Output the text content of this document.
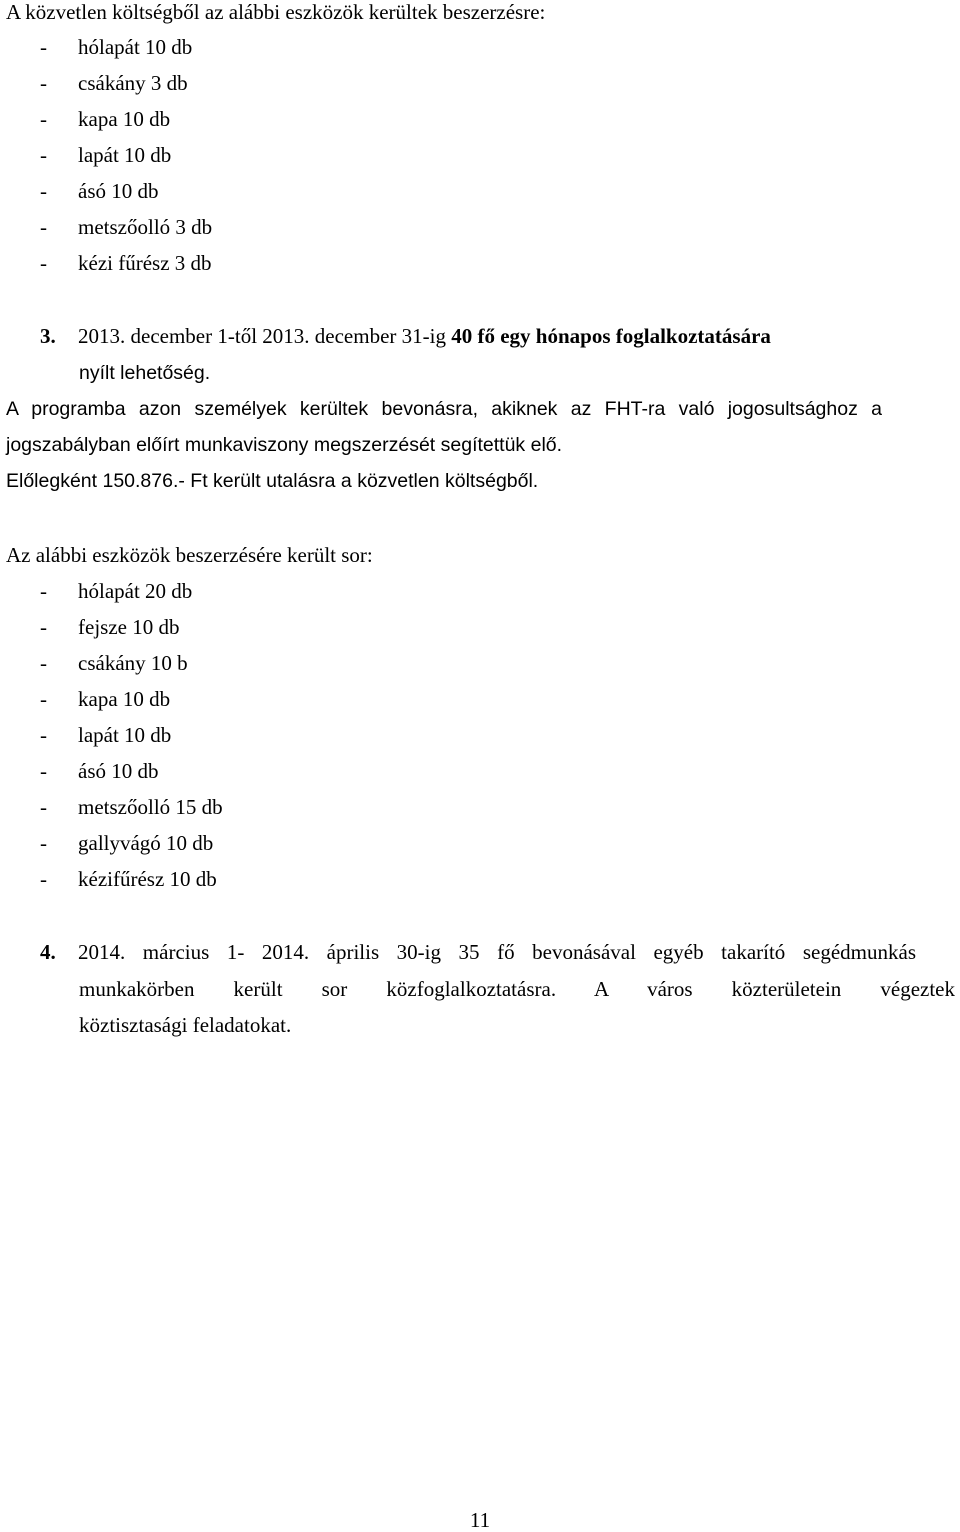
A közvetlen költségből az alábbi eszközök kerültek beszerzésre:
- hólapát 10 db
- csákány 3 db
- kapa 10 db
- lapát 10 db
- ásó 10 db
- metszőolló 3 db
- kézi fűrész 3 db
3. 2013. december 1-től 2013. december 31-ig 40 fő egy hónapos foglalkoztatására
nyílt lehetőség.
A programba azon személyek kerültek bevonásra, akiknek az FHT-ra való jogosultsághoz a
jogszabályban előírt munkaviszony megszerzését segítettük elő.
Előlegként 150.876.- Ft került utalásra a közvetlen költségből.
Az alábbi eszközök beszerzésére került sor:
- hólapát 20 db
- fejsze 10 db
- csákány 10 b
- kapa 10 db
- lapát 10 db
- ásó 10 db
- metszőolló 15 db
- gallyvágó 10 db
- kézifűrész 10 db
4.	2014. március 1- 2014. április 30-ig 35 fő bevonásával egyéb takarító segédmunkás
munkakörben került sor közfoglalkoztatásra. A város közterületein végeztek
köztisztasági feladatokat.
11
